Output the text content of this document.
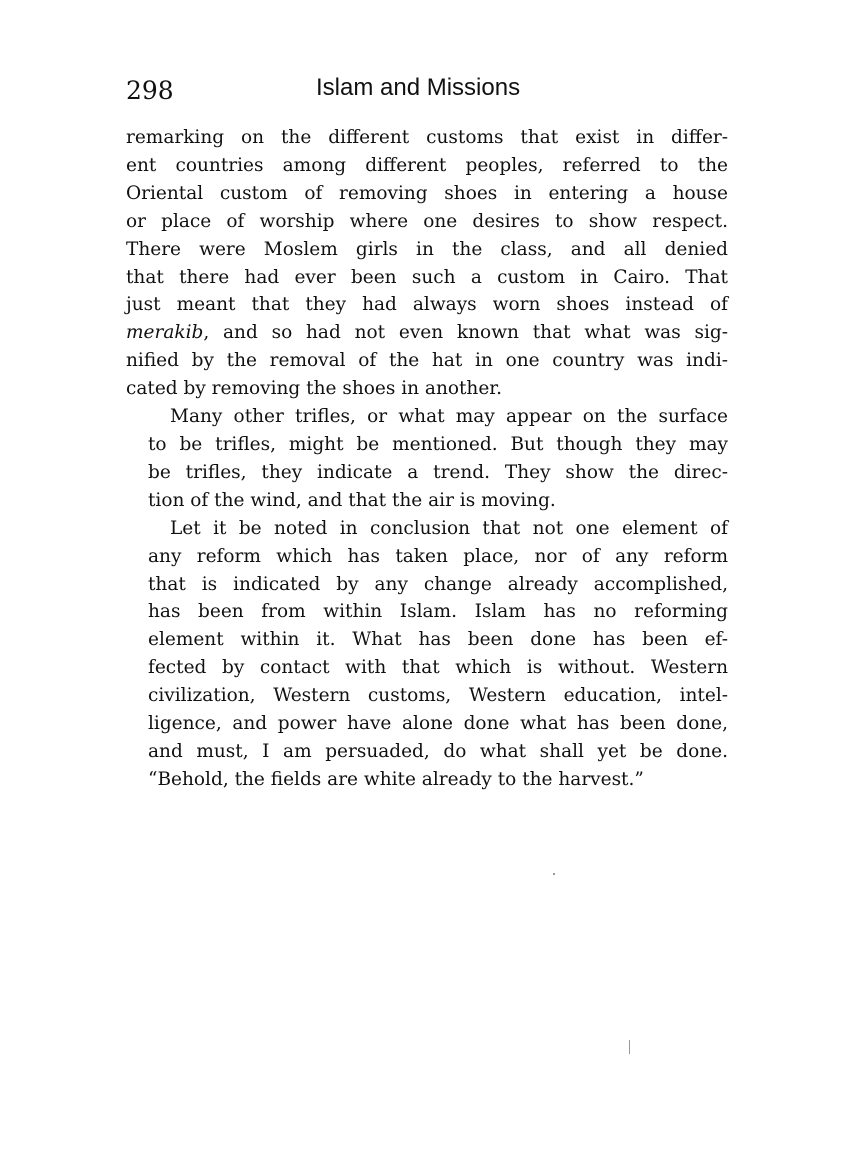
298	Islam and Missions

remarking on the different customs that exist in differ-
ent countries among different peoples, referred to the
Oriental custom of removing shoes in entering a house
or place of worship where one desires to show respect.
There were Moslem girls in the class, and all denied
that there had ever been such a custom in Cairo. That
just meant that they had always worn shoes instead of
merakib, and so had not even known that what was sig-
nified by the removal of the hat in one country was indi-
cated by removing the shoes in another.

Many other trifles, or what may appear on the surface
to be trifles, might be mentioned. But though they may
be trifles, they indicate a trend. They show the direc-
tion of the wind, and that the air is moving.

Let it be noted in conclusion that not one element of
any reform which has taken place, nor of any reform
that is indicated by any change already accomplished,
has been from within Islam. Islam has no reforming
element within it. What has been done has been ef-
fected by contact with that which is without. Western
civilization, Western customs, Western education, intel-
ligence, and power have alone done what has been done,
and must, I am persuaded, do what shall yet be done.

“Behold, the fields are white already to the harvest.”
